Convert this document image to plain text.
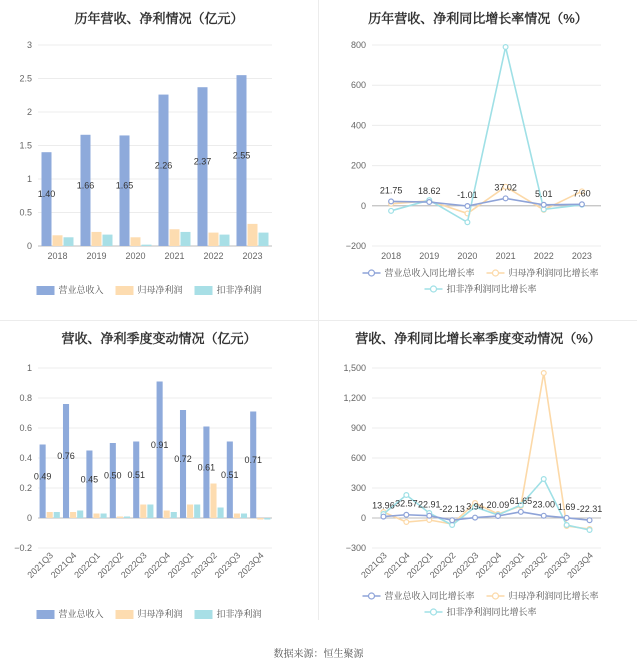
历年营收、净利情况（亿元）
0
0.5
1
1.5
2
2.5
3
2018 2019 2020 2021 2022 2023
1.40
1.66 1.65
2.26 2.37
2.55
营业总收入	归母净利润	扣非净利润
历年营收、净利同比增长率情况（%）
−200
0
200
400
600
800
2018 2019 2020 2021 2022 2023
21.75 18.62 -1.01
37.02
5.01 7.60
营业总收入同比增长率	归母净利润同比增长率
扣非净利润同比增长率
营收、净利季度变动情况（亿元）
−0.2
0
0.2
0.4
0.6
0.8
1
2021Q3
2021Q4
2022Q1
2022Q2
2022Q3
2022Q4
2023Q1
2023Q2
2023Q3
2023Q4
0.49
0.76
0.45 0.50 0.51
0.91
0.72
0.61
0.51
0.71
营业总收入	归母净利润	扣非净利润
营收、净利同比增长率季度变动情况（%）
−300
0
300
600
900
1,200
1,500
2021Q3
2021Q4
2022Q1
2022Q2
2022Q3
2022Q4
2023Q1
2023Q2
2023Q3
2023Q4
13.96 32.57 22.91
-22.13 3.94 20.09 61.65 23.00 1.69 -22.31
营业总收入同比增长率	归母净利润同比增长率
扣非净利润同比增长率
数据来源：恒生聚源
